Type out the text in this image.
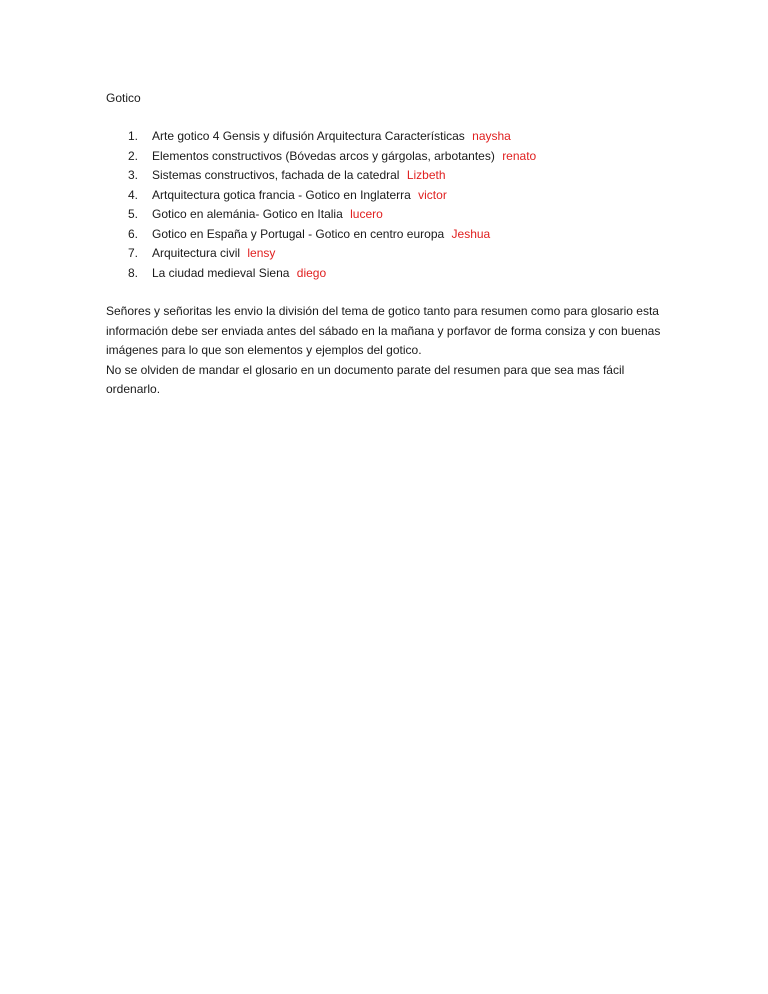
Gotico
1.	Arte gotico 4 Gensis y difusión Arquitectura Características naysha
2.	Elementos constructivos (Bóvedas arcos y gárgolas, arbotantes) renato
3.	Sistemas constructivos, fachada de la catedral Lizbeth
4.	Artquitectura gotica francia - Gotico en Inglaterra victor
5.	Gotico en alemánia- Gotico en Italia lucero
6.	Gotico en España y Portugal - Gotico en centro europa Jeshua
7.	Arquitectura civil lensy
8.	La ciudad medieval Siena diego

Señores y señoritas les envio la división del tema de gotico tanto para resumen como para glosario esta información debe ser enviada antes del sábado en la mañana y porfavor de forma consiza y con buenas imágenes para lo que son elementos y ejemplos del gotico.

No se olviden de mandar el glosario en un documento parate del resumen para que sea mas fácil ordenarlo.
